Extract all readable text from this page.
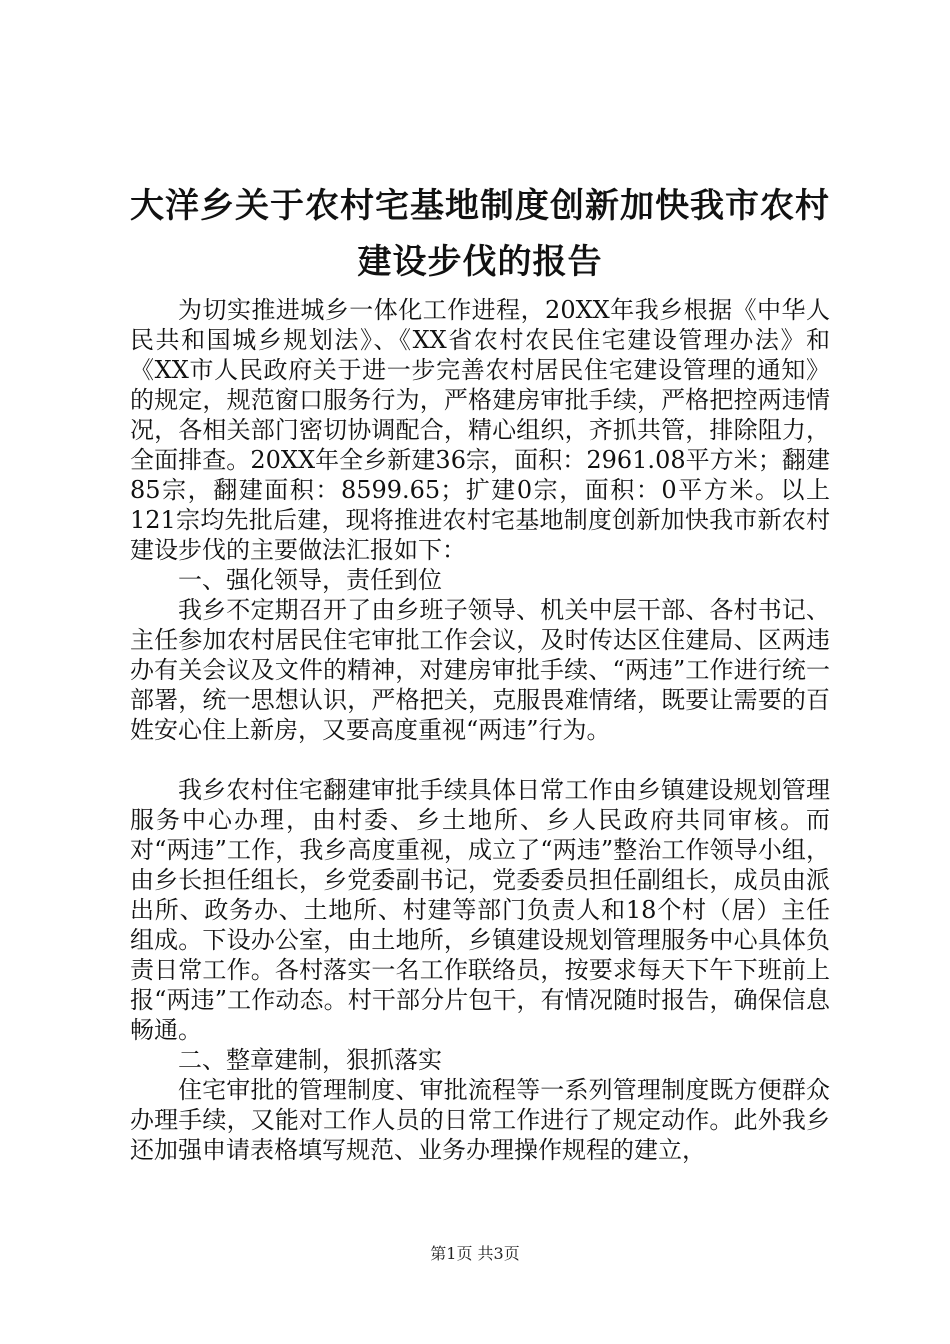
大洋乡关于农村宅基地制度创新加快我市农村建设步伐的报告

为切实推进城乡一体化工作进程，20XX年我乡根据《中华人民共和国城乡规划法》、《XX省农村农民住宅建设管理办法》和《XX市人民政府关于进一步完善农村居民住宅建设管理的通知》的规定，规范窗口服务行为，严格建房审批手续，严格把控两违情况，各相关部门密切协调配合，精心组织，齐抓共管，排除阻力，全面排查。20XX年全乡新建36宗，面积：2961.08平方米；翻建85宗，翻建面积：8599.65；扩建0宗，面积：0平方米。以上121宗均先批后建，现将推进农村宅基地制度创新加快我市新农村建设步伐的主要做法汇报如下：

一、强化领导，责任到位

我乡不定期召开了由乡班子领导、机关中层干部、各村书记、主任参加农村居民住宅审批工作会议，及时传达区住建局、区两违办有关会议及文件的精神，对建房审批手续、“两违”工作进行统一部署，统一思想认识，严格把关，克服畏难情绪，既要让需要的百姓安心住上新房，又要高度重视“两违”行为。

我乡农村住宅翻建审批手续具体日常工作由乡镇建设规划管理服务中心办理，由村委、乡土地所、乡人民政府共同审核。而对“两违”工作，我乡高度重视，成立了“两违”整治工作领导小组，由乡长担任组长，乡党委副书记，党委委员担任副组长，成员由派出所、政务办、土地所、村建等部门负责人和18个村（居）主任组成。下设办公室，由土地所，乡镇建设规划管理服务中心具体负责日常工作。各村落实一名工作联络员，按要求每天下午下班前上报“两违”工作动态。村干部分片包干，有情况随时报告，确保信息畅通。

二、整章建制，狠抓落实

住宅审批的管理制度、审批流程等一系列管理制度既方便群众办理手续，又能对工作人员的日常工作进行了规定动作。此外我乡还加强申请表格填写规范、业务办理操作规程的建立，

第1页 共3页
